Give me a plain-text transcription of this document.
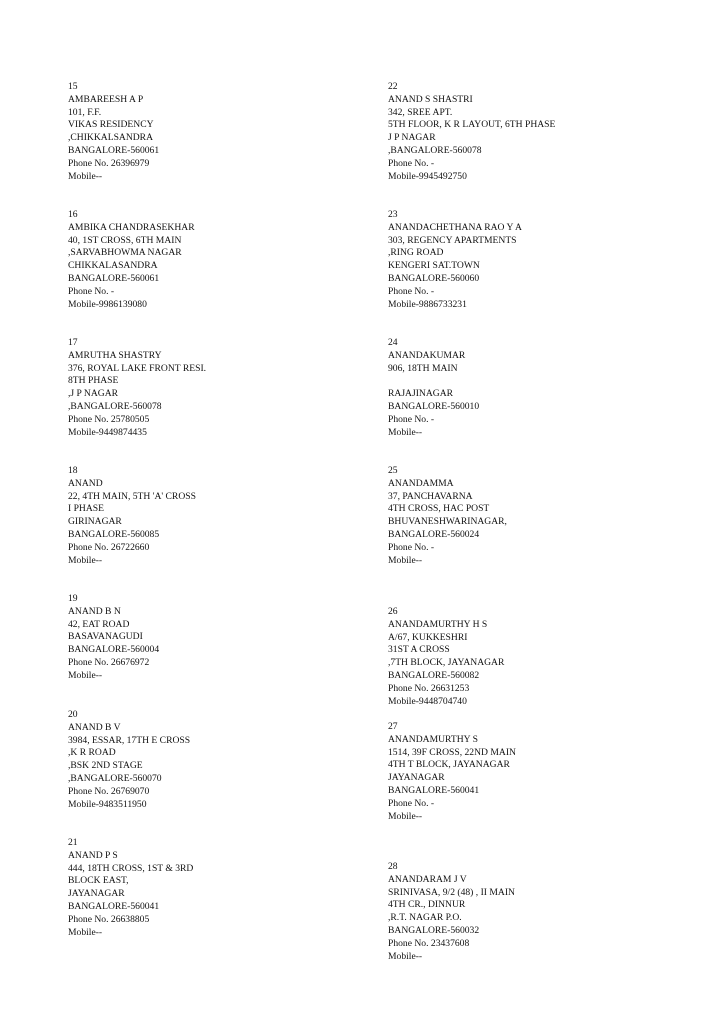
15
AMBAREESH A P
101, F.F.
VIKAS RESIDENCY
,CHIKKALSANDRA
BANGALORE-560061
Phone No. 26396979
Mobile--
16
AMBIKA CHANDRASEKHAR
40, 1ST CROSS, 6TH MAIN
,SARVABHOWMA NAGAR
CHIKKALASANDRA
BANGALORE-560061
Phone No. -
Mobile-9986139080
17
AMRUTHA SHASTRY
376, ROYAL LAKE FRONT RESI.
8TH PHASE
,J P NAGAR
,BANGALORE-560078
Phone No. 25780505
Mobile-9449874435
18
ANAND
22, 4TH MAIN, 5TH 'A' CROSS
I PHASE
GIRINAGAR
BANGALORE-560085
Phone No. 26722660
Mobile--
19
ANAND B N
42, EAT ROAD
BASAVANAGUDI
BANGALORE-560004
Phone No. 26676972
Mobile--
20
ANAND B V
3984, ESSAR, 17TH E CROSS
,K R ROAD
,BSK 2ND STAGE
,BANGALORE-560070
Phone No. 26769070
Mobile-9483511950
21
ANAND P S
444, 18TH CROSS, 1ST & 3RD
BLOCK EAST,
JAYANAGAR
BANGALORE-560041
Phone No. 26638805
Mobile--
22
ANAND S SHASTRI
342, SREE APT.
5TH FLOOR, K R LAYOUT, 6TH PHASE
J P NAGAR
,BANGALORE-560078
Phone No. -
Mobile-9945492750
23
ANANDACHETHANA RAO Y A
303, REGENCY APARTMENTS
,RING ROAD
KENGERI SAT.TOWN
BANGALORE-560060
Phone No. -
Mobile-9886733231
24
ANANDAKUMAR
906, 18TH MAIN
RAJAJINAGAR
BANGALORE-560010
Phone No. -
Mobile--
25
ANANDAMMA
37, PANCHAVARNA
4TH CROSS, HAC POST
BHUVANESHWARINAGAR,
BANGALORE-560024
Phone No. -
Mobile--
26
ANANDAMURTHY H S
A/67, KUKKESHRI
31ST A CROSS
,7TH BLOCK, JAYANAGAR
BANGALORE-560082
Phone No. 26631253
Mobile-9448704740
27
ANANDAMURTHY S
1514, 39F CROSS, 22ND MAIN
4TH T BLOCK, JAYANAGAR
JAYANAGAR
BANGALORE-560041
Phone No. -
Mobile--
28
ANANDARAM J V
SRINIVASA, 9/2 (48) , II MAIN
4TH CR., DINNUR
,R.T. NAGAR P.O.
BANGALORE-560032
Phone No. 23437608
Mobile--
